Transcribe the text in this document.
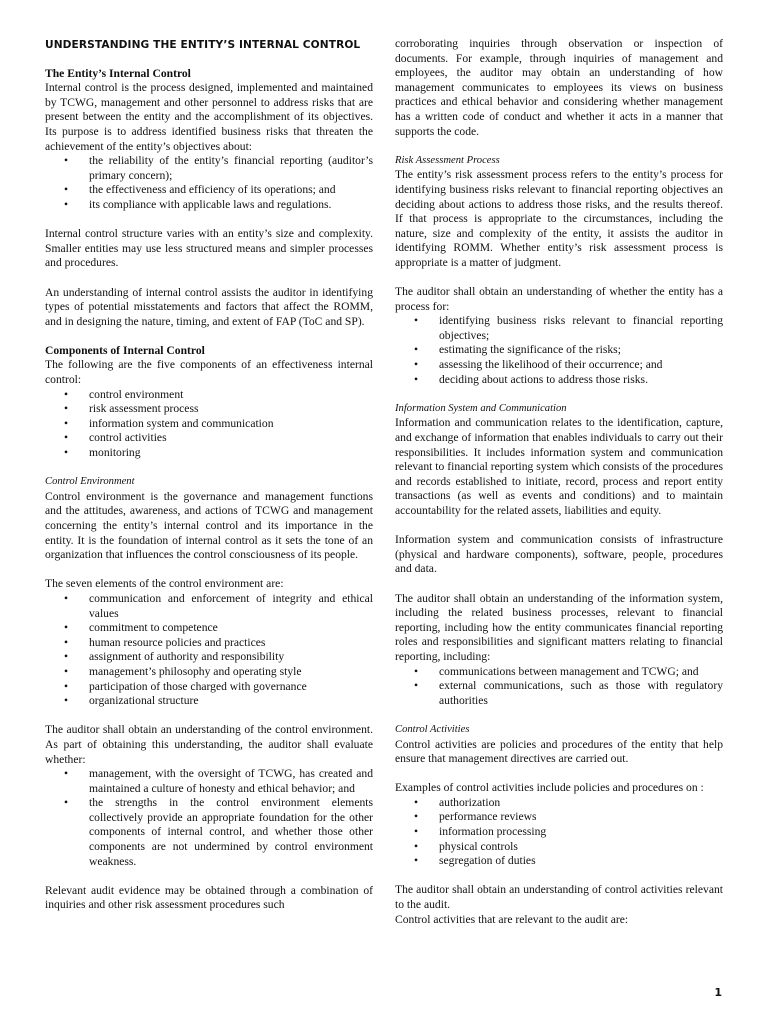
UNDERSTANDING THE ENTITY’S INTERNAL CONTROL

The Entity’s Internal Control

Internal control is the process designed, implemented and maintained by TCWG, management and other personnel to address risks that are present between the entity and the accomplishment of its objectives. Its purpose is to address identified business risks that threaten the achievement of the entity’s objectives about:

• the reliability of the entity’s financial reporting (auditor’s primary concern);
• the effectiveness and efficiency of its operations; and
• its compliance with applicable laws and regulations.

Internal control structure varies with an entity’s size and complexity. Smaller entities may use less structured means and simpler processes and procedures.

An understanding of internal control assists the auditor in identifying types of potential misstatements and factors that affect the ROMM, and in designing the nature, timing, and extent of FAP (ToC and SP).

Components of Internal Control

The following are the five components of an effectiveness internal control:

• control environment
• risk assessment process
• information system and communication
• control activities
• monitoring

Control Environment

Control environment is the governance and management functions and the attitudes, awareness, and actions of TCWG and management concerning the entity’s internal control and its importance in the entity. It is the foundation of internal control as it sets the tone of an organization that influences the control consciousness of its people.

The seven elements of the control environment are:

• communication and enforcement of integrity and ethical values
• commitment to competence
• human resource policies and practices
• assignment of authority and responsibility
• management’s philosophy and operating style
• participation of those charged with governance
• organizational structure

The auditor shall obtain an understanding of the control environment. As part of obtaining this understanding, the auditor shall evaluate whether:

• management, with the oversight of TCWG, has created and maintained a culture of honesty and ethical behavior; and
• the strengths in the control environment elements collectively provide an appropriate foundation for the other components of internal control, and whether those other components are not undermined by control environment weakness.

Relevant audit evidence may be obtained through a combination of inquiries and other risk assessment procedures such

corroborating inquiries through observation or inspection of documents. For example, through inquiries of management and employees, the auditor may obtain an understanding of how management communicates to employees its views on business practices and ethical behavior and considering whether management has a written code of conduct and whether it acts in a manner that supports the code.

Risk Assessment Process

The entity’s risk assessment process refers to the entity’s process for identifying business risks relevant to financial reporting objectives an deciding about actions to address those risks, and the results thereof. If that process is appropriate to the circumstances, including the nature, size and complexity of the entity, it assists the auditor in identifying ROMM. Whether entity’s risk assessment process is appropriate is a matter of judgment.

The auditor shall obtain an understanding of whether the entity has a process for:

• identifying business risks relevant to financial reporting objectives;
• estimating the significance of the risks;
• assessing the likelihood of their occurrence; and
• deciding about actions to address those risks.

Information System and Communication

Information and communication relates to the identification, capture, and exchange of information that enables individuals to carry out their responsibilities. It includes information system and communication relevant to financial reporting system which consists of the procedures and records established to initiate, record, process and report entity transactions (as well as events and conditions) and to maintain accountability for the related assets, liabilities and equity.

Information system and communication consists of infrastructure (physical and hardware components), software, people, procedures and data.

The auditor shall obtain an understanding of the information system, including the related business processes, relevant to financial reporting, including how the entity communicates financial reporting roles and responsibilities and significant matters relating to financial reporting, including:

• communications between management and TCWG; and
• external communications, such as those with regulatory authorities

Control Activities

Control activities are policies and procedures of the entity that help ensure that management directives are carried out.

Examples of control activities include policies and procedures on :

• authorization
• performance reviews
• information processing
• physical controls
• segregation of duties

The auditor shall obtain an understanding of control activities relevant to the audit.

Control activities that are relevant to the audit are:

1
